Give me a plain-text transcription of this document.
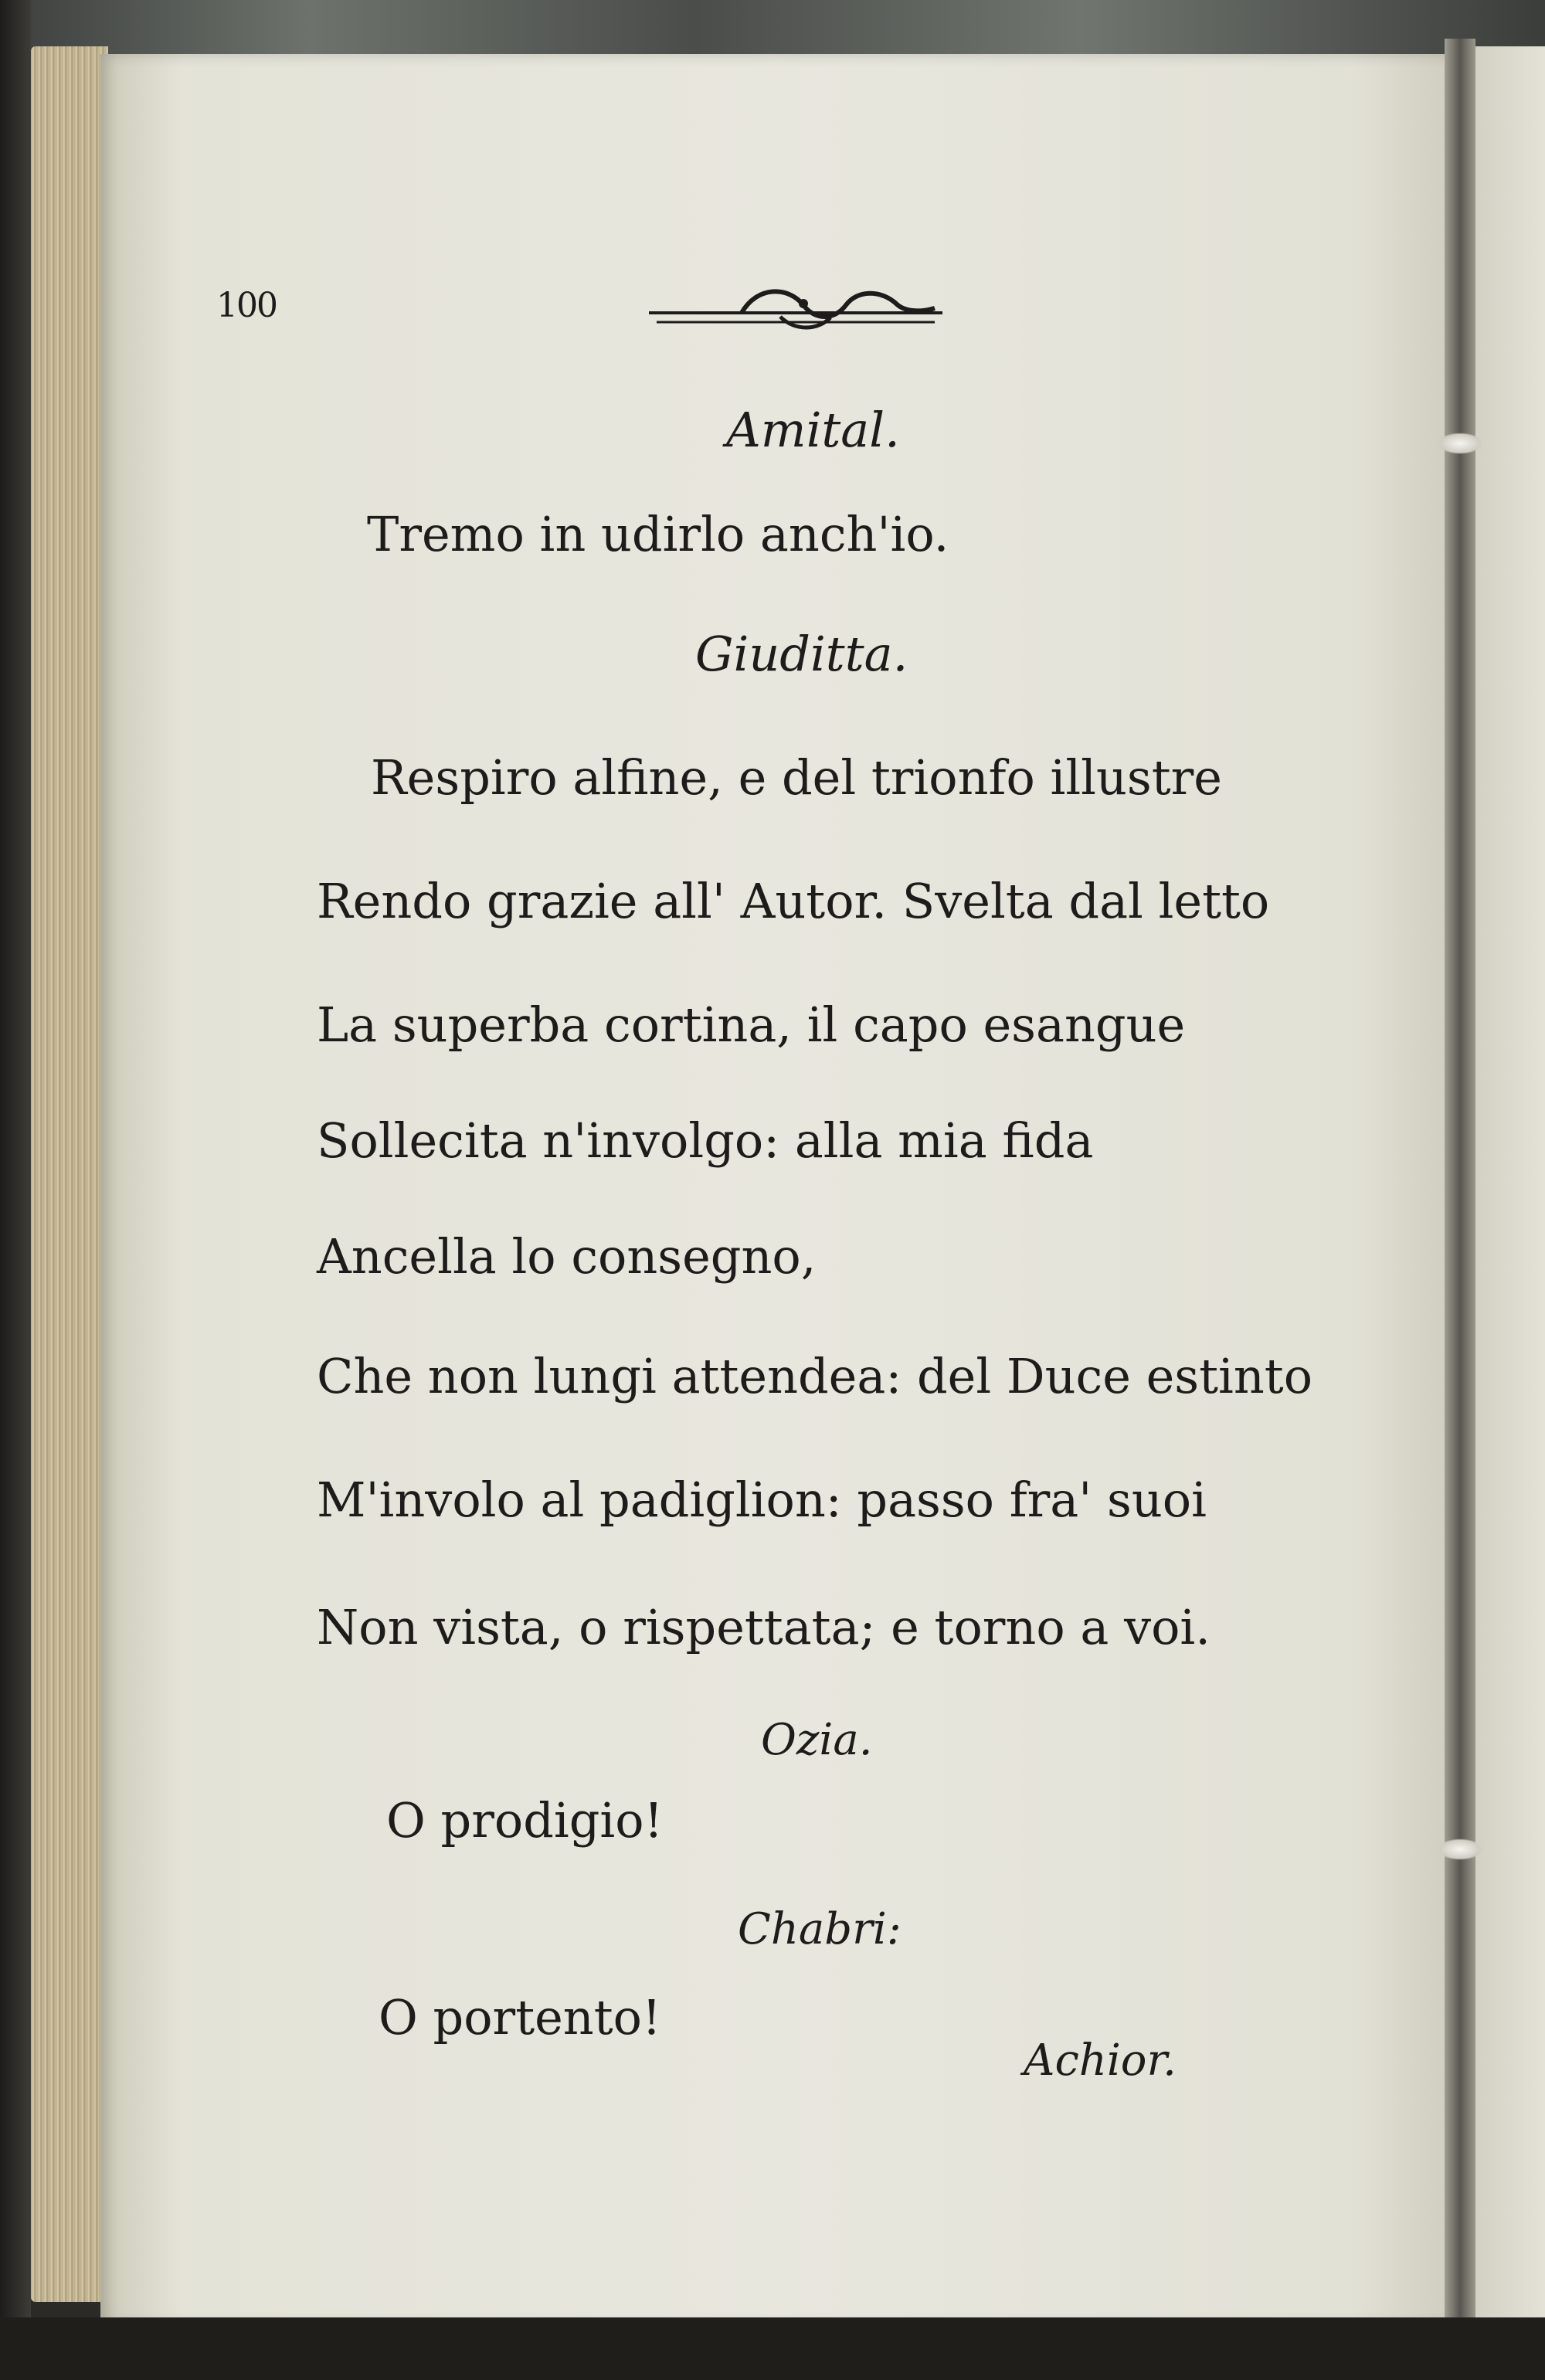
100
Amital.
Tremo in udirlo anch'io.
Giuditta.
Respiro alfine, e del trionfo illustre
Rendo grazie all' Autor. Svelta dal letto
La superba cortina, il capo esangue
Sollecita n'involgo: alla mia fida
Ancella lo consegno,
Che non lungi attendea: del Duce estinto
M'involo al padiglion: passo fra' suoi
Non vista, o rispettata; e torno a voi.
Ozia.
O prodigio!
Chabri:
O portento!
Achior.
